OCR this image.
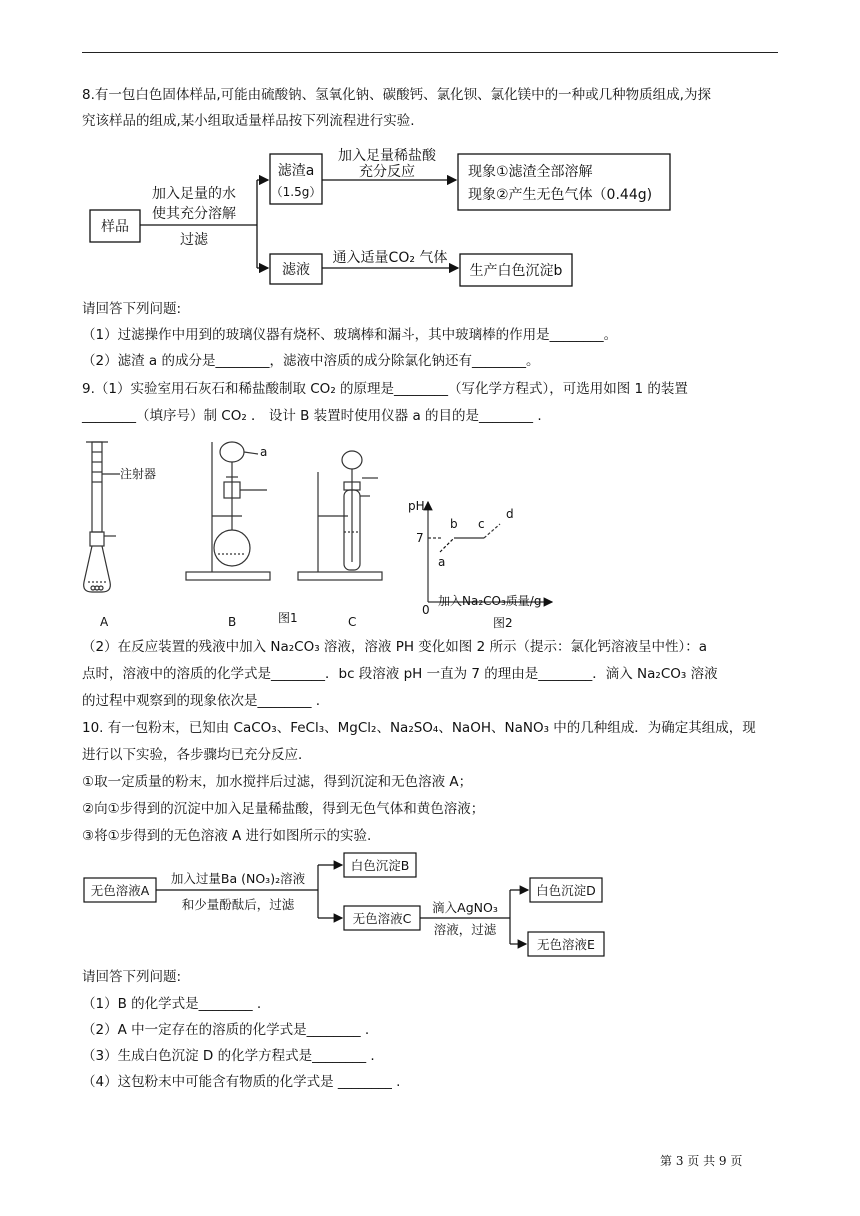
8.有一包白色固体样品,可能由硫酸钠、氢氧化钠、碳酸钙、氯化钡、氯化镁中的一种或几种物质组成,为探
究该样品的组成,某小组取适量样品按下列流程进行实验.
样品
加入足量的水
使其充分溶解
过滤
滤渣a
（1.5g）
加入足量稀盐酸
充分反应	现象①滤渣全部溶解
现象②产生无色气体（0.44g)
滤液
通入适量CO₂ 气体
生产白色沉淀b
请回答下列问题:
（1）过滤操作中用到的玻璃仪器有烧杯、玻璃棒和漏斗，其中玻璃棒的作用是________。
（2）滤渣 a 的成分是________，滤液中溶质的成分除氯化钠还有________。
9.（1）实验室用石灰石和稀盐酸制取 CO₂ 的原理是________（写化学方程式），可选用如图 1 的装置
________（填序号）制 CO₂ ． 设计 B 装置时使用仪器 a 的目的是________ .
注射器
a
A	B	C
图1
pH
7
0
a
b c
d
加入Na₂CO₃质量/g
图2
（2）在反应装置的残液中加入 Na₂CO₃ 溶液，溶液 PH 变化如图 2 所示（提示：氯化钙溶液呈中性）：a
点时，溶液中的溶质的化学式是________．bc 段溶液 pH 一直为 7 的理由是________．滴入 Na₂CO₃ 溶液
的过程中观察到的现象依次是________ .
10. 有一包粉末，已知由 CaCO₃、FeCl₃、MgCl₂、Na₂SO₄、NaOH、NaNO₃ 中的几种组成．为确定其组成，现
进行以下实验，各步骤均已充分反应．
①取一定质量的粉末，加水搅拌后过滤，得到沉淀和无色溶液 A；
②向①步得到的沉淀中加入足量稀盐酸，得到无色气体和黄色溶液；
③将①步得到的无色溶液 A 进行如图所示的实验.
无色溶液A
加入过量Ba (NO₃)₂溶液
和少量酚酞后，过滤
白色沉淀B
无色溶液C
滴入AgNO₃
溶液，过滤
白色沉淀D
无色溶液E
请回答下列问题:
（1）B 的化学式是________ .
（2）A 中一定存在的溶质的化学式是________ .
（3）生成白色沉淀 D 的化学方程式是________ .
（4）这包粉末中可能含有物质的化学式是 ________ .
第 3 页 共 9 页
